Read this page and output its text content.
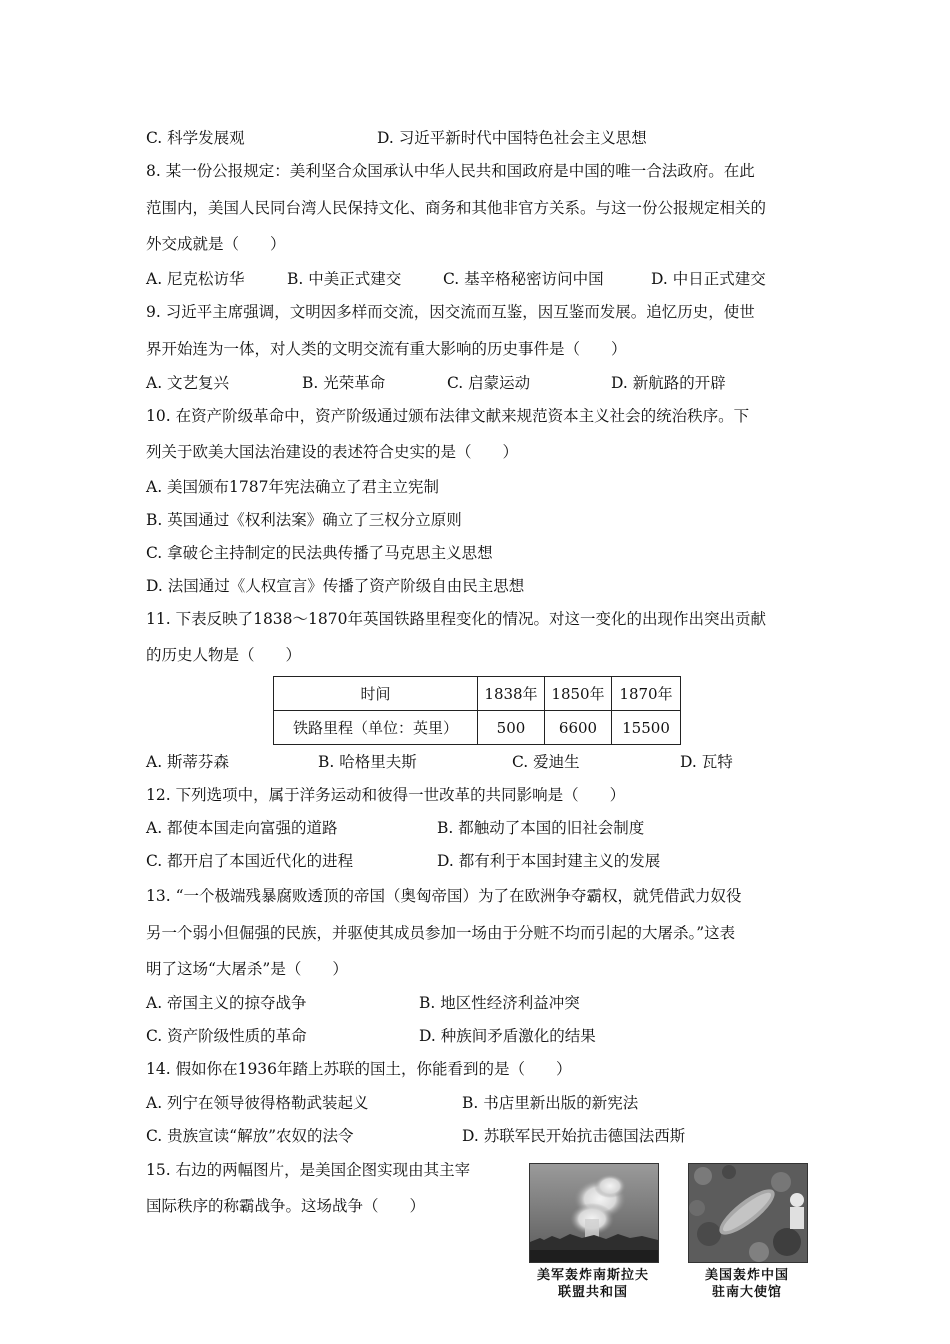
C. 科学发展观	D. 习近平新时代中国特色社会主义思想
8. 某一份公报规定：美利坚合众国承认中华人民共和国政府是中国的唯一合法政府。在此
范围内，美国人民同台湾人民保持文化、商务和其他非官方关系。与这一份公报规定相关的
外交成就是（　　）
A. 尼克松访华	B. 中美正式建交	C. 基辛格秘密访问中国	D. 中日正式建交
9. 习近平主席强调，文明因多样而交流，因交流而互鉴，因互鉴而发展。追忆历史，使世
界开始连为一体，对人类的文明交流有重大影响的历史事件是（　　）
A. 文艺复兴	B. 光荣革命	C. 启蒙运动	D. 新航路的开辟
10. 在资产阶级革命中，资产阶级通过颁布法律文献来规范资本主义社会的统治秩序。下
列关于欧美大国法治建设的表述符合史实的是（　　）
A. 美国颁布1787年宪法确立了君主立宪制
B. 英国通过《权利法案》确立了三权分立原则
C. 拿破仑主持制定的民法典传播了马克思主义思想
D. 法国通过《人权宣言》传播了资产阶级自由民主思想
11. 下表反映了1838～1870年英国铁路里程变化的情况。对这一变化的出现作出突出贡献
的历史人物是（　　）
时间	1838年	1850年	1870年
铁路里程（单位：英里）	500	6600	15500
A. 斯蒂芬森	B. 哈格里夫斯	C. 爱迪生	D. 瓦特
12. 下列选项中，属于洋务运动和彼得一世改革的共同影响是（　　）
A. 都使本国走向富强的道路	B. 都触动了本国的旧社会制度
C. 都开启了本国近代化的进程	D. 都有利于本国封建主义的发展
13. “一个极端残暴腐败透顶的帝国（奥匈帝国）为了在欧洲争夺霸权，就凭借武力奴役
另一个弱小但倔强的民族，并驱使其成员参加一场由于分赃不均而引起的大屠杀。”这表
明了这场“大屠杀”是（　　）
A. 帝国主义的掠夺战争	B. 地区性经济利益冲突
C. 资产阶级性质的革命	D. 种族间矛盾激化的结果
14. 假如你在1936年踏上苏联的国土，你能看到的是（　　）
A. 列宁在领导彼得格勒武装起义	B. 书店里新出版的新宪法
C. 贵族宣读“解放”农奴的法令	D. 苏联军民开始抗击德国法西斯
15. 右边的两幅图片，是美国企图实现由其主宰
国际秩序的称霸战争。这场战争（　　）
美军轰炸南斯拉夫
联盟共和国
美国轰炸中国
驻南大使馆
